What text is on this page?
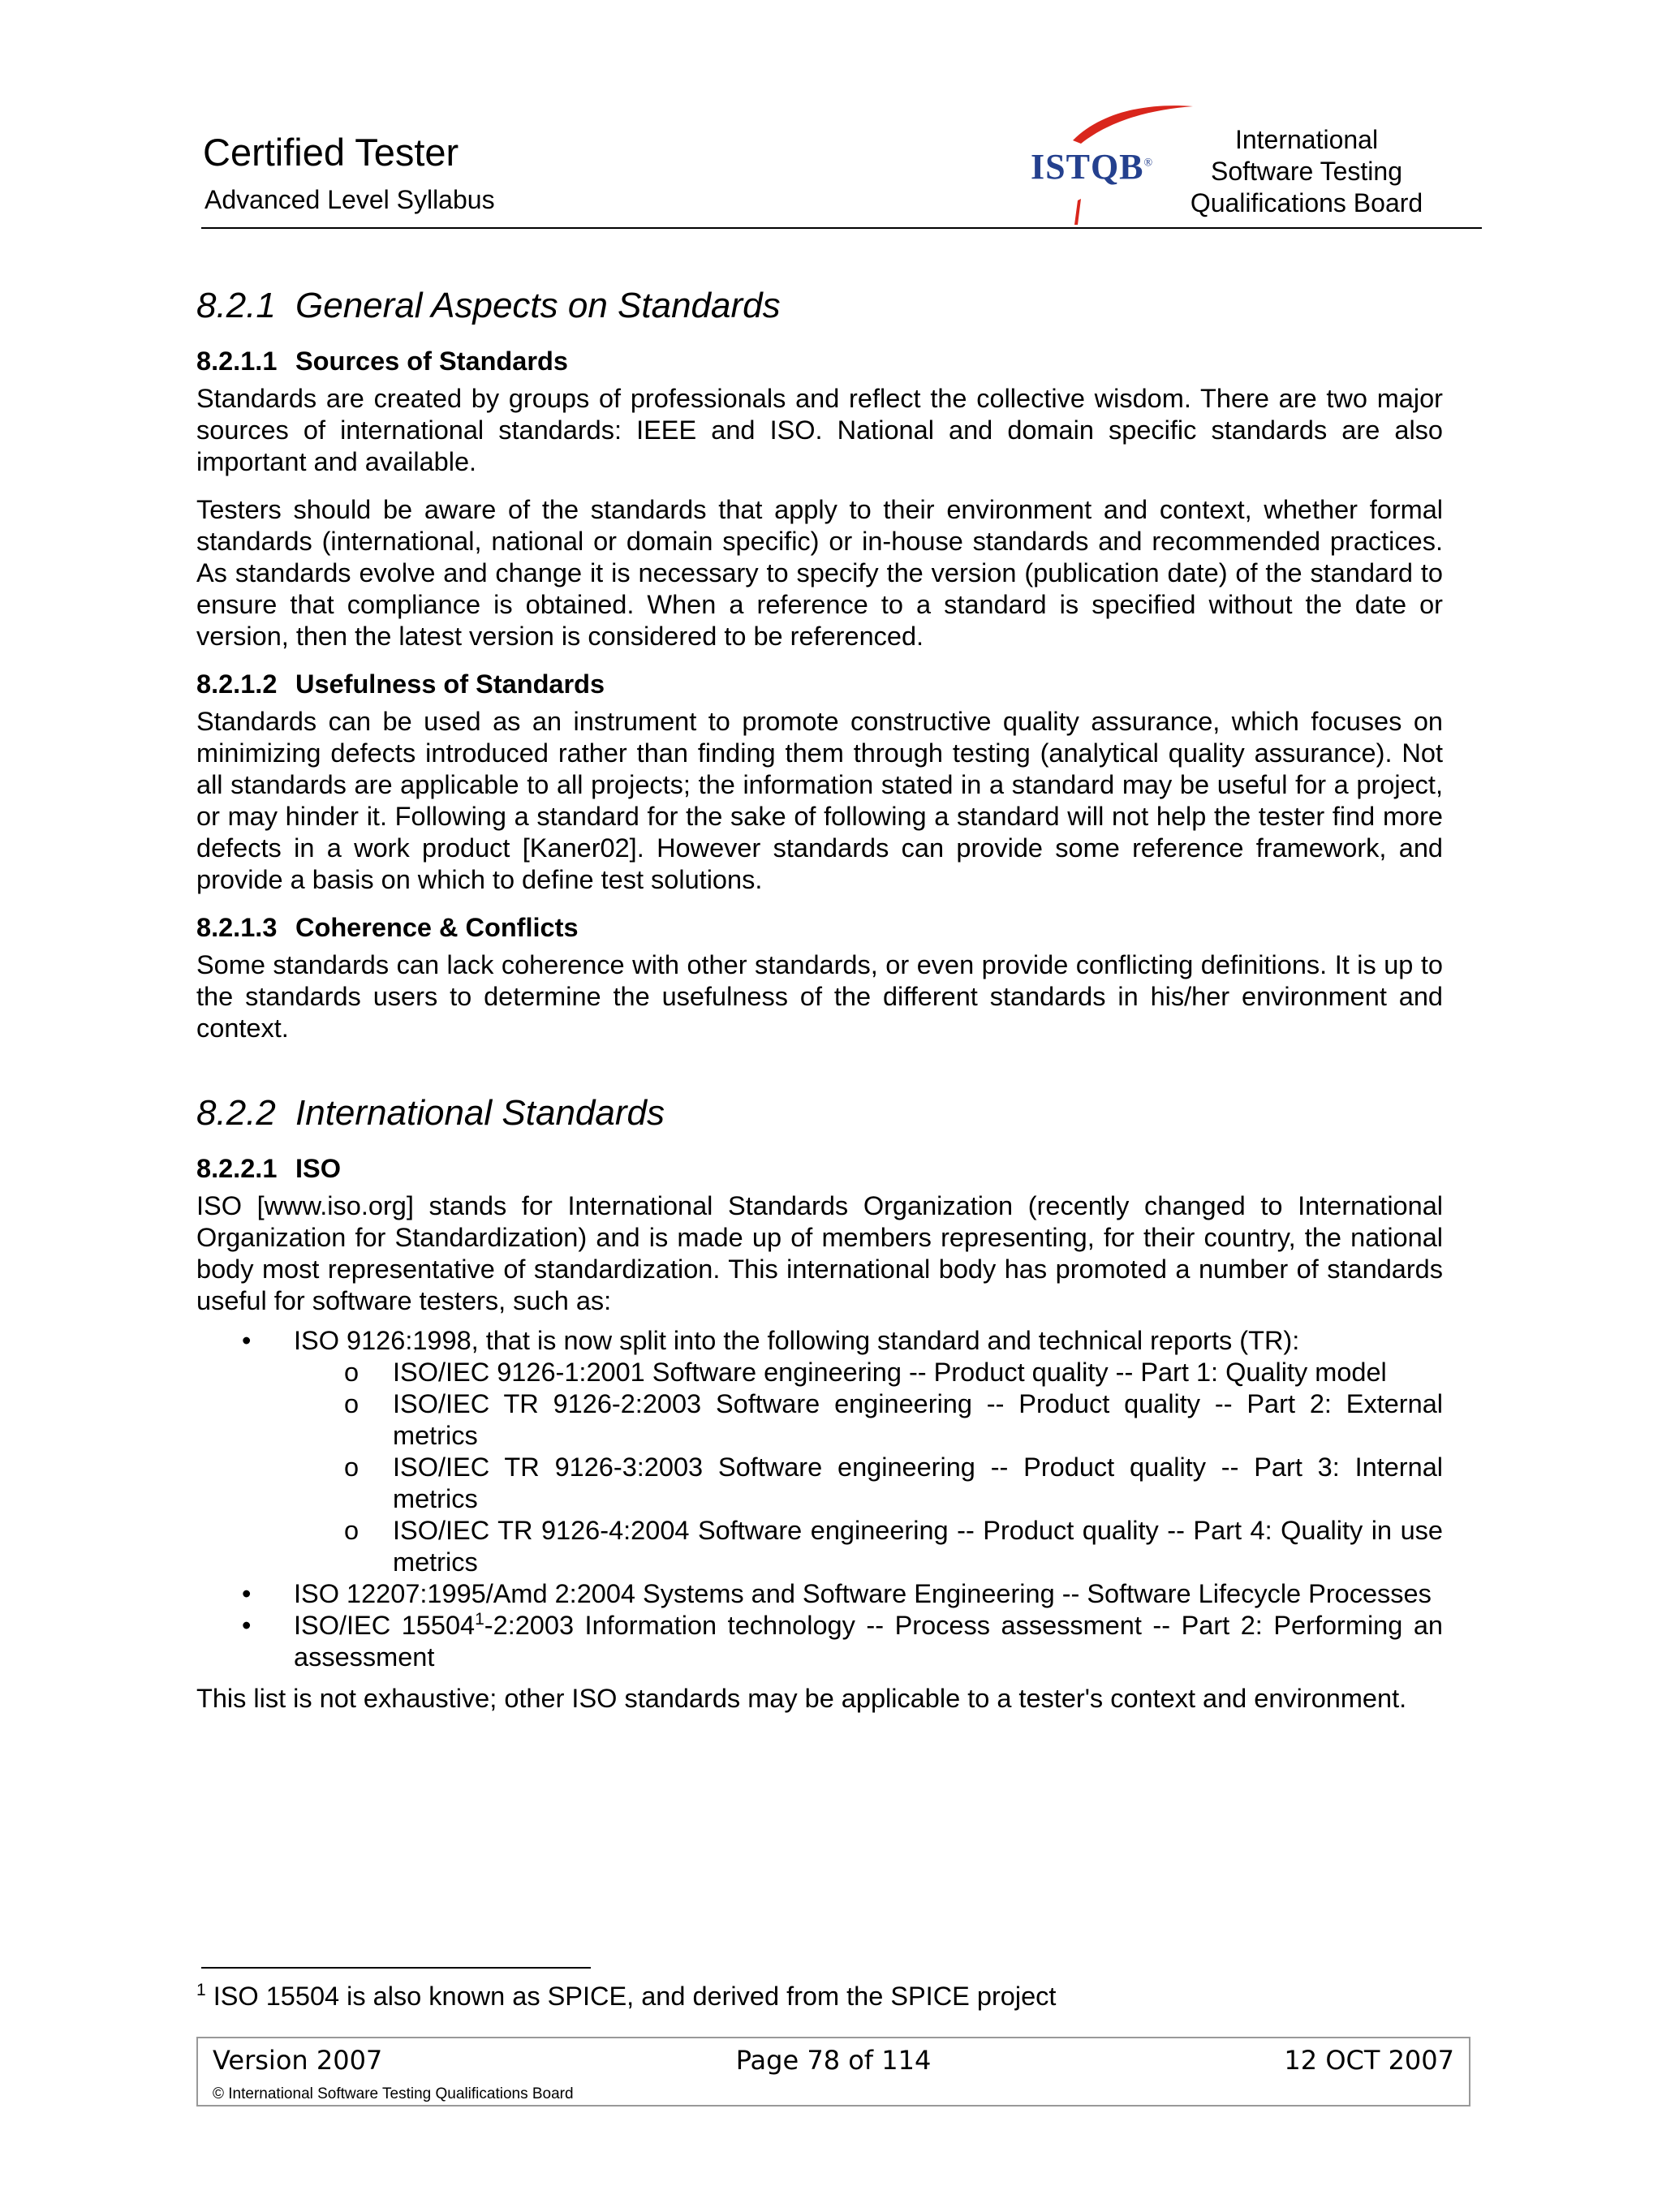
Certified Tester
Advanced Level Syllabus
ISTQB®
International
Software Testing
Qualifications Board
8.2.1 General Aspects on Standards
8.2.1.1 Sources of Standards

Standards are created by groups of professionals and reflect the collective wisdom. There are two major sources of international standards: IEEE and ISO. National and domain specific standards are also important and available.

Testers should be aware of the standards that apply to their environment and context, whether formal standards (international, national or domain specific) or in-house standards and recommended practices. As standards evolve and change it is necessary to specify the version (publication date) of the standard to ensure that compliance is obtained. When a reference to a standard is specified without the date or version, then the latest version is considered to be referenced.

8.2.1.2 Usefulness of Standards

Standards can be used as an instrument to promote constructive quality assurance, which focuses on minimizing defects introduced rather than finding them through testing (analytical quality assurance). Not all standards are applicable to all projects; the information stated in a standard may be useful for a project, or may hinder it. Following a standard for the sake of following a standard will not help the tester find more defects in a work product [Kaner02]. However standards can provide some reference framework, and provide a basis on which to define test solutions.

8.2.1.3 Coherence & Conflicts

Some standards can lack coherence with other standards, or even provide conflicting definitions. It is up to the standards users to determine the usefulness of the different standards in his/her environment and context.

8.2.2 International Standards
8.2.2.1 ISO

ISO [www.iso.org] stands for International Standards Organization (recently changed to International Organization for Standardization) and is made up of members representing, for their country, the national body most representative of standardization. This international body has promoted a number of standards useful for software testers, such as:

• ISO 9126:1998, that is now split into the following standard and technical reports (TR):
o ISO/IEC 9126-1:2001 Software engineering -- Product quality -- Part 1: Quality model
o ISO/IEC TR 9126-2:2003 Software engineering -- Product quality -- Part 2: External metrics
o ISO/IEC TR 9126-3:2003 Software engineering -- Product quality -- Part 3: Internal metrics
o ISO/IEC TR 9126-4:2004 Software engineering -- Product quality -- Part 4: Quality in use metrics
• ISO 12207:1995/Amd 2:2004 Systems and Software Engineering -- Software Lifecycle Processes
• ISO/IEC 15504$^1$-2:2003 Information technology -- Process assessment -- Part 2: Performing an assessment

This list is not exhaustive; other ISO standards may be applicable to a tester's context and environment.

$^1$ ISO 15504 is also known as SPICE, and derived from the SPICE project
Version 2007	Page 78 of 114	12 OCT 2007
© International Software Testing Qualifications Board
